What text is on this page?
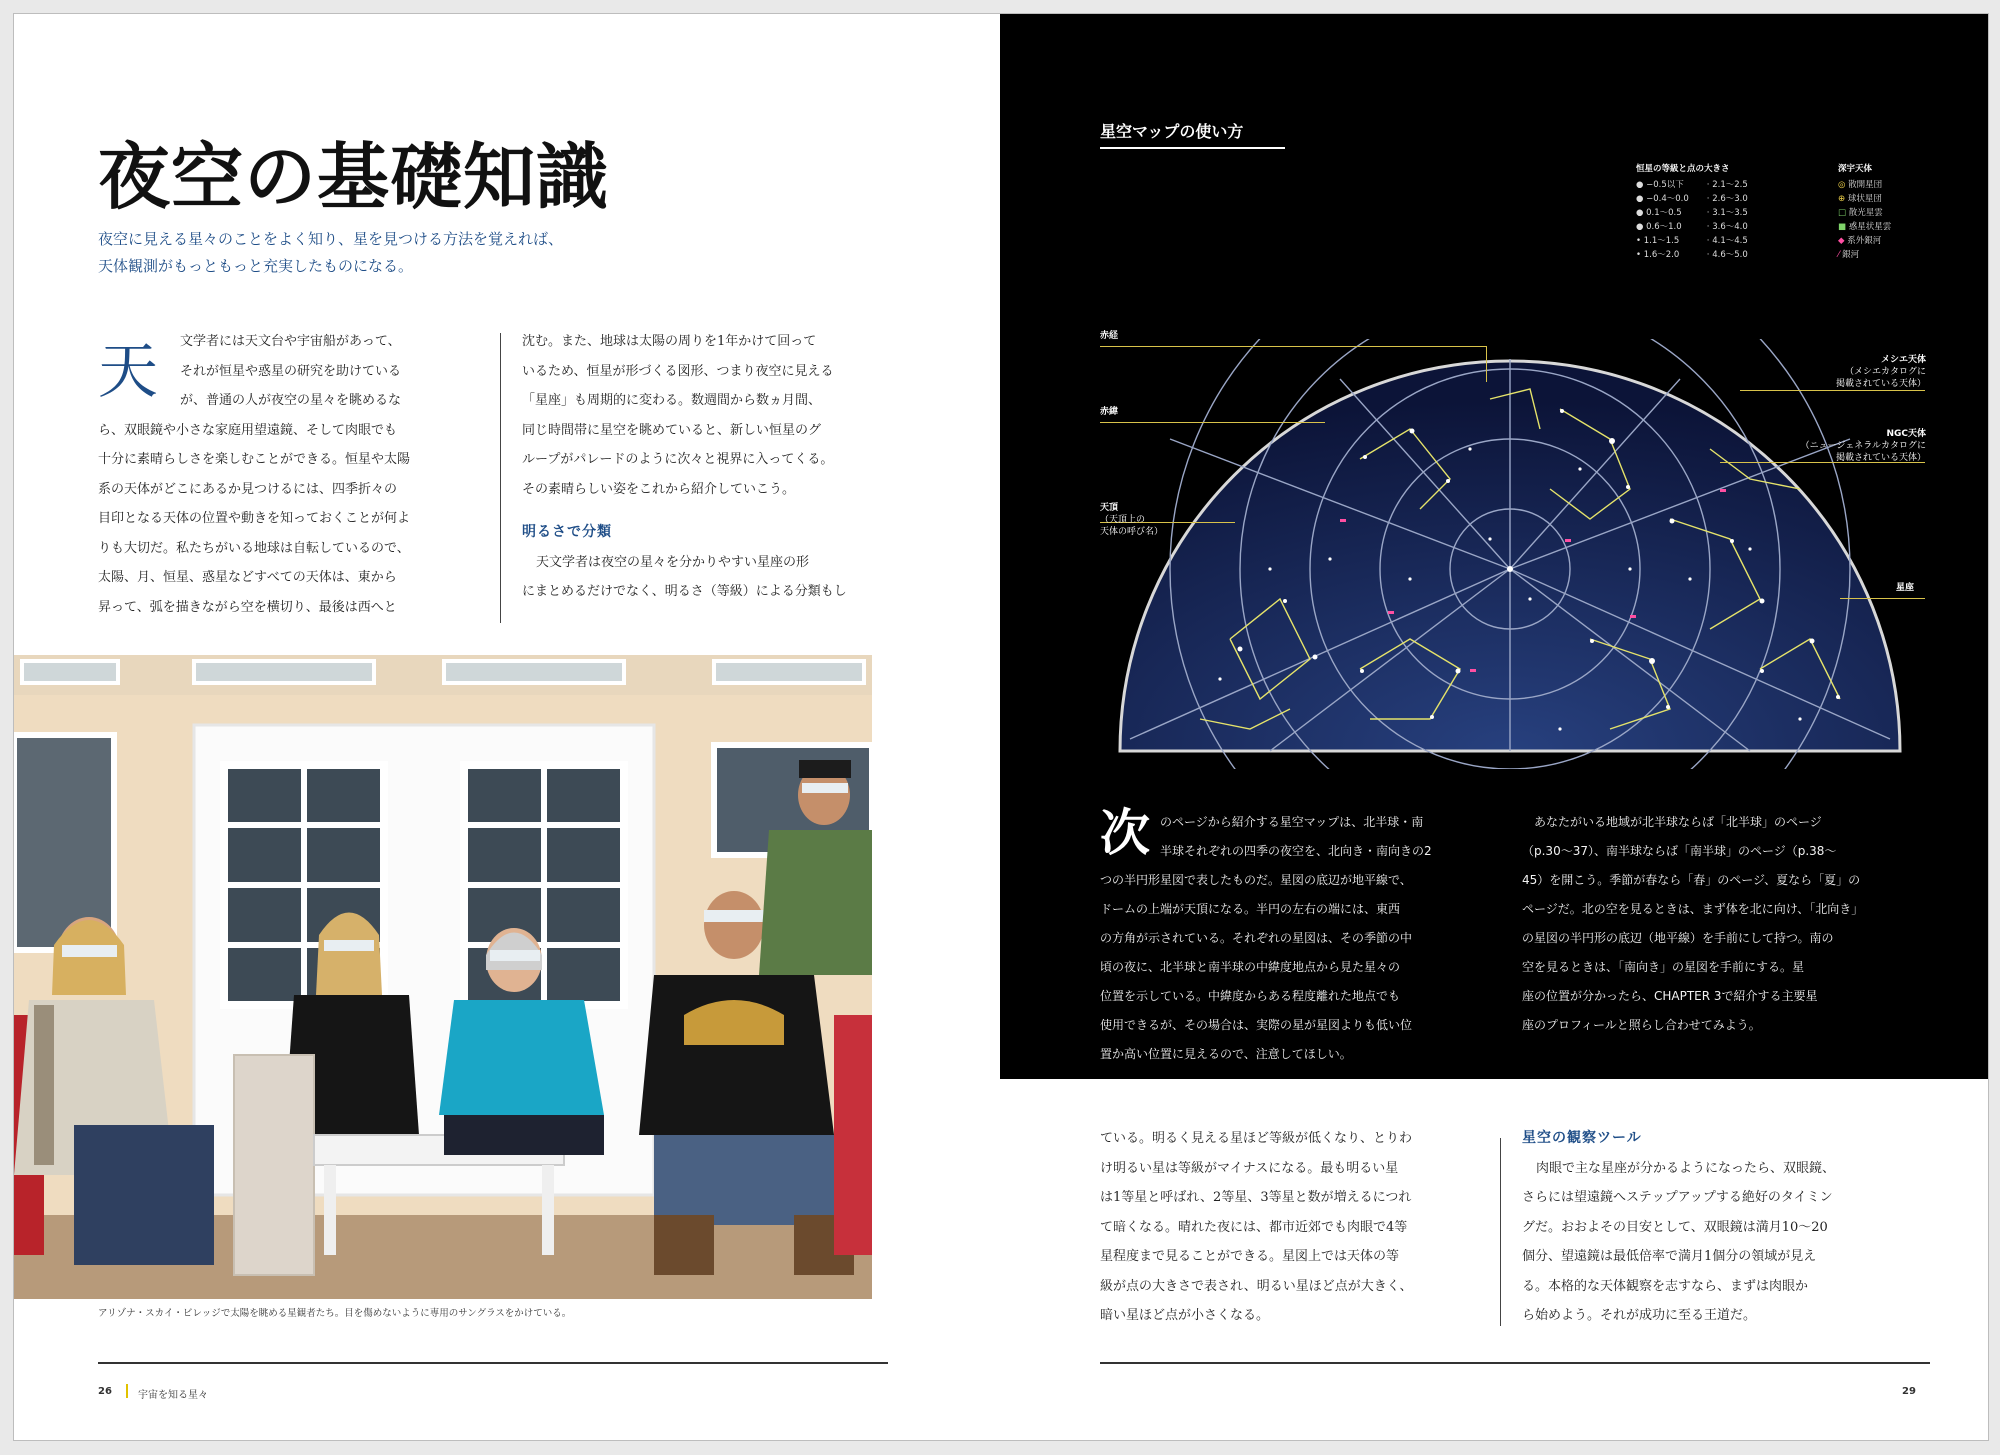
夜空の基礎知識
夜空に見える星々のことをよく知り、星を見つける方法を覚えれば、
天体観測がもっともっと充実したものになる。
天	文学者には天文台や宇宙船があって、
それが恒星や惑星の研究を助けている
が、普通の人が夜空の星々を眺めるな
ら、双眼鏡や小さな家庭用望遠鏡、そして肉眼でも
十分に素晴らしさを楽しむことができる。恒星や太陽
系の天体がどこにあるか見つけるには、四季折々の
目印となる天体の位置や動きを知っておくことが何よ
りも大切だ。私たちがいる地球は自転しているので、
太陽、月、恒星、惑星などすべての天体は、東から
昇って、弧を描きながら空を横切り、最後は西へと
沈む。また、地球は太陽の周りを1年かけて回って
いるため、恒星が形づくる図形、つまり夜空に見える
「星座」も周期的に変わる。数週間から数ヵ月間、
同じ時間帯に星空を眺めていると、新しい恒星のグ
ループがパレードのように次々と視界に入ってくる。
その素晴らしい姿をこれから紹介していこう。
明るさで分類
天文学者は夜空の星々を分かりやすい星座の形
にまとめるだけでなく、明るさ（等級）による分類もし
アリゾナ・スカイ・ビレッジで太陽を眺める星観者たち。目を傷めないように専用のサングラスをかけている。
26	宇宙を知る星々
星空マップの使い方
恒星の等級と点の大きさ
● −0.5以下
● −0.4〜0.0
● 0.1〜0.5
● 0.6〜1.0
• 1.1〜1.5
• 1.6〜2.0
· 2.1〜2.5
· 2.6〜3.0
· 3.1〜3.5
· 3.6〜4.0
· 4.1〜4.5
· 4.6〜5.0
深宇天体
◎ 散開星団
⊕ 球状星団
□ 散光星雲
■ 惑星状星雲
◆ 系外銀河
⁄ 銀河
赤経
赤緯
天頂
（天頂上の
天体の呼び名）
メシエ天体
（メシエカタログに
掲載されている天体）
NGC天体
（ニュージェネラルカタログに
掲載されている天体）
星座
次 のページから紹介する星空マップは、北半球・南
半球それぞれの四季の夜空を、北向き・南向きの2
つの半円形星図で表したものだ。星図の底辺が地平線で、
ドームの上端が天頂になる。半円の左右の端には、東西
の方角が示されている。それぞれの星図は、その季節の中
頃の夜に、北半球と南半球の中緯度地点から見た星々の
位置を示している。中緯度からある程度離れた地点でも
使用できるが、その場合は、実際の星が星図よりも低い位
置か高い位置に見えるので、注意してほしい。
あなたがいる地域が北半球ならば「北半球」のページ
（p.30〜37）、南半球ならば「南半球」のページ（p.38〜
45）を開こう。季節が春なら「春」のページ、夏なら「夏」の
ページだ。北の空を見るときは、まず体を北に向け、「北向き」
の星図の半円形の底辺（地平線）を手前にして持つ。南の
空を見るときは、「南向き」の星図を手前にする。星
座の位置が分かったら、CHAPTER 3で紹介する主要星
座のプロフィールと照らし合わせてみよう。
ている。明るく見える星ほど等級が低くなり、とりわ
け明るい星は等級がマイナスになる。最も明るい星
は1等星と呼ばれ、2等星、3等星と数が増えるにつれ
て暗くなる。晴れた夜には、都市近郊でも肉眼で4等
星程度まで見ることができる。星図上では天体の等
級が点の大きさで表され、明るい星ほど点が大きく、
暗い星ほど点が小さくなる。
星空の観察ツール
肉眼で主な星座が分かるようになったら、双眼鏡、
さらには望遠鏡へステップアップする絶好のタイミン
グだ。おおよその目安として、双眼鏡は満月10〜20
個分、望遠鏡は最低倍率で満月1個分の領域が見え
る。本格的な天体観察を志すなら、まずは肉眼か
ら始めよう。それが成功に至る王道だ。
29
